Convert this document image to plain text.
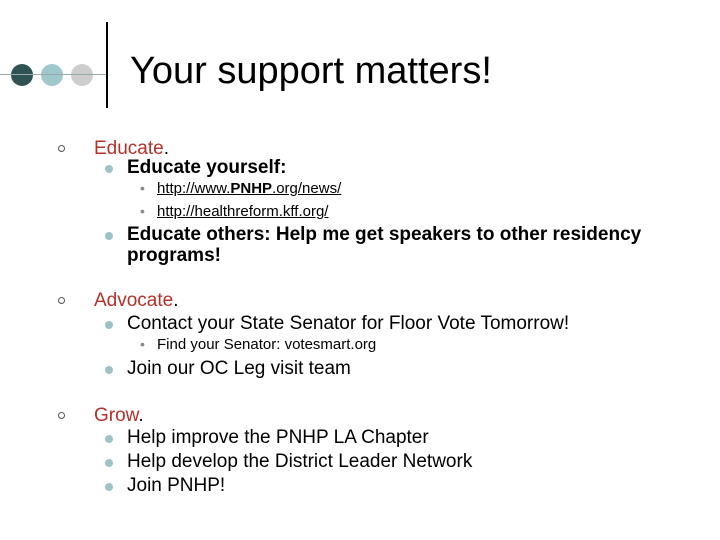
Your support matters!
Educate.
Educate yourself:
• http://www.PNHP.org/news/
• http://healthreform.kff.org/
Educate others: Help me get speakers to other residency
programs!
Advocate.
Contact your State Senator for Floor Vote Tomorrow!
• Find your Senator: votesmart.org
Join our OC Leg visit team
Grow.
Help improve the PNHP LA Chapter
Help develop the District Leader Network
Join PNHP!
